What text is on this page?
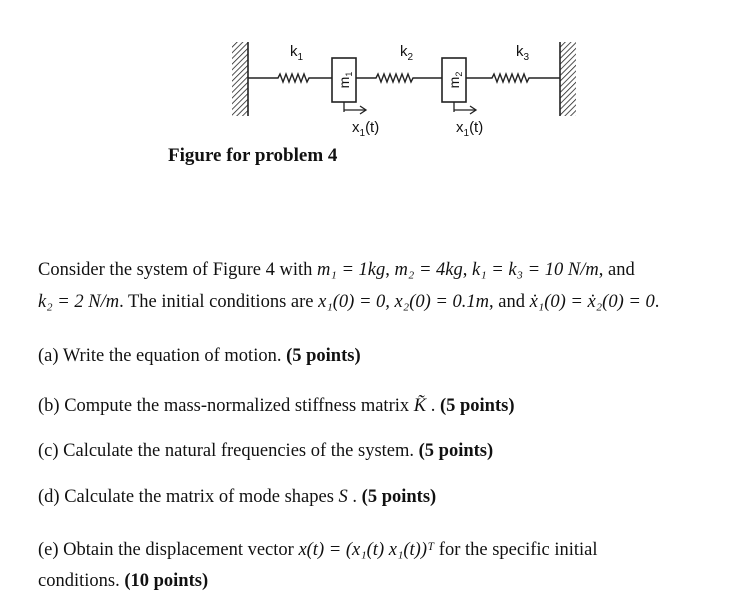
$k_1$	$k_2$	$k_3$
$m_1$
$m_2$
$x_1(t)$	$x_1(t)$
Figure for problem 4
Consider the system of Figure 4 with m₁ = 1kg, m₂ = 4kg, k₁ = k₃ = 10 N/m, and
k₂ = 2 N/m. The initial conditions are x₁(0) = 0, x₂(0) = 0.1m, and ẋ₁(0) = ẋ₂(0) = 0.
(a) Write the equation of motion. (5 points)
(b) Compute the mass-normalized stiffness matrix K̃ . (5 points)
(c) Calculate the natural frequencies of the system. (5 points)
(d) Calculate the matrix of mode shapes S . (5 points)
(e) Obtain the displacement vector x(t) = (x₁(t) x₁(t))ᵀ for the specific initial
conditions. (10 points)
